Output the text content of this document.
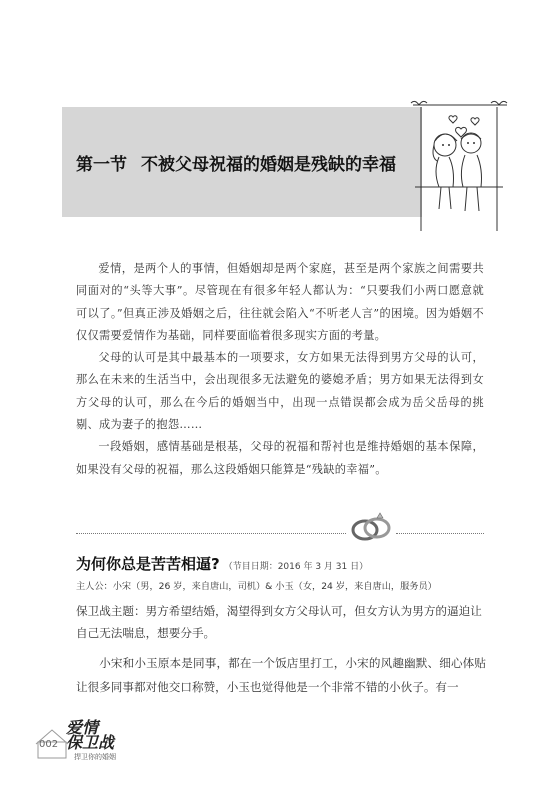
第一节 不被父母祝福的婚姻是残缺的幸福

爱情，是两个人的事情，但婚姻却是两个家庭，甚至是两个家族之间需要共同面对的“头等大事”。尽管现在有很多年轻人都认为：“只要我们小两口愿意就可以了。”但真正涉及婚姻之后，往往就会陷入“不听老人言”的困境。因为婚姻不仅仅需要爱情作为基础，同样要面临着很多现实方面的考量。

父母的认可是其中最基本的一项要求，女方如果无法得到男方父母的认可，那么在未来的生活当中，会出现很多无法避免的婆媳矛盾；男方如果无法得到女方父母的认可，那么在今后的婚姻当中，出现一点错误都会成为岳父岳母的挑剔、成为妻子的抱怨……

一段婚姻，感情基础是根基，父母的祝福和帮衬也是维持婚姻的基本保障，如果没有父母的祝福，那么这段婚姻只能算是“残缺的幸福”。

为何你总是苦苦相逼? （节目日期：2016 年 3 月 31 日）
主人公：小宋（男，26 岁，来自唐山，司机）& 小玉（女，24 岁，来自唐山，服务员）
保卫战主题：男方希望结婚，渴望得到女方父母认可，但女方认为男方的逼迫让自己无法喘息，想要分手。

小宋和小玉原本是同事，都在一个饭店里打工，小宋的风趣幽默、细心体贴让很多同事都对他交口称赞，小玉也觉得他是一个非常不错的小伙子。有一

002
爱情
保卫战
捍卫你的婚姻
